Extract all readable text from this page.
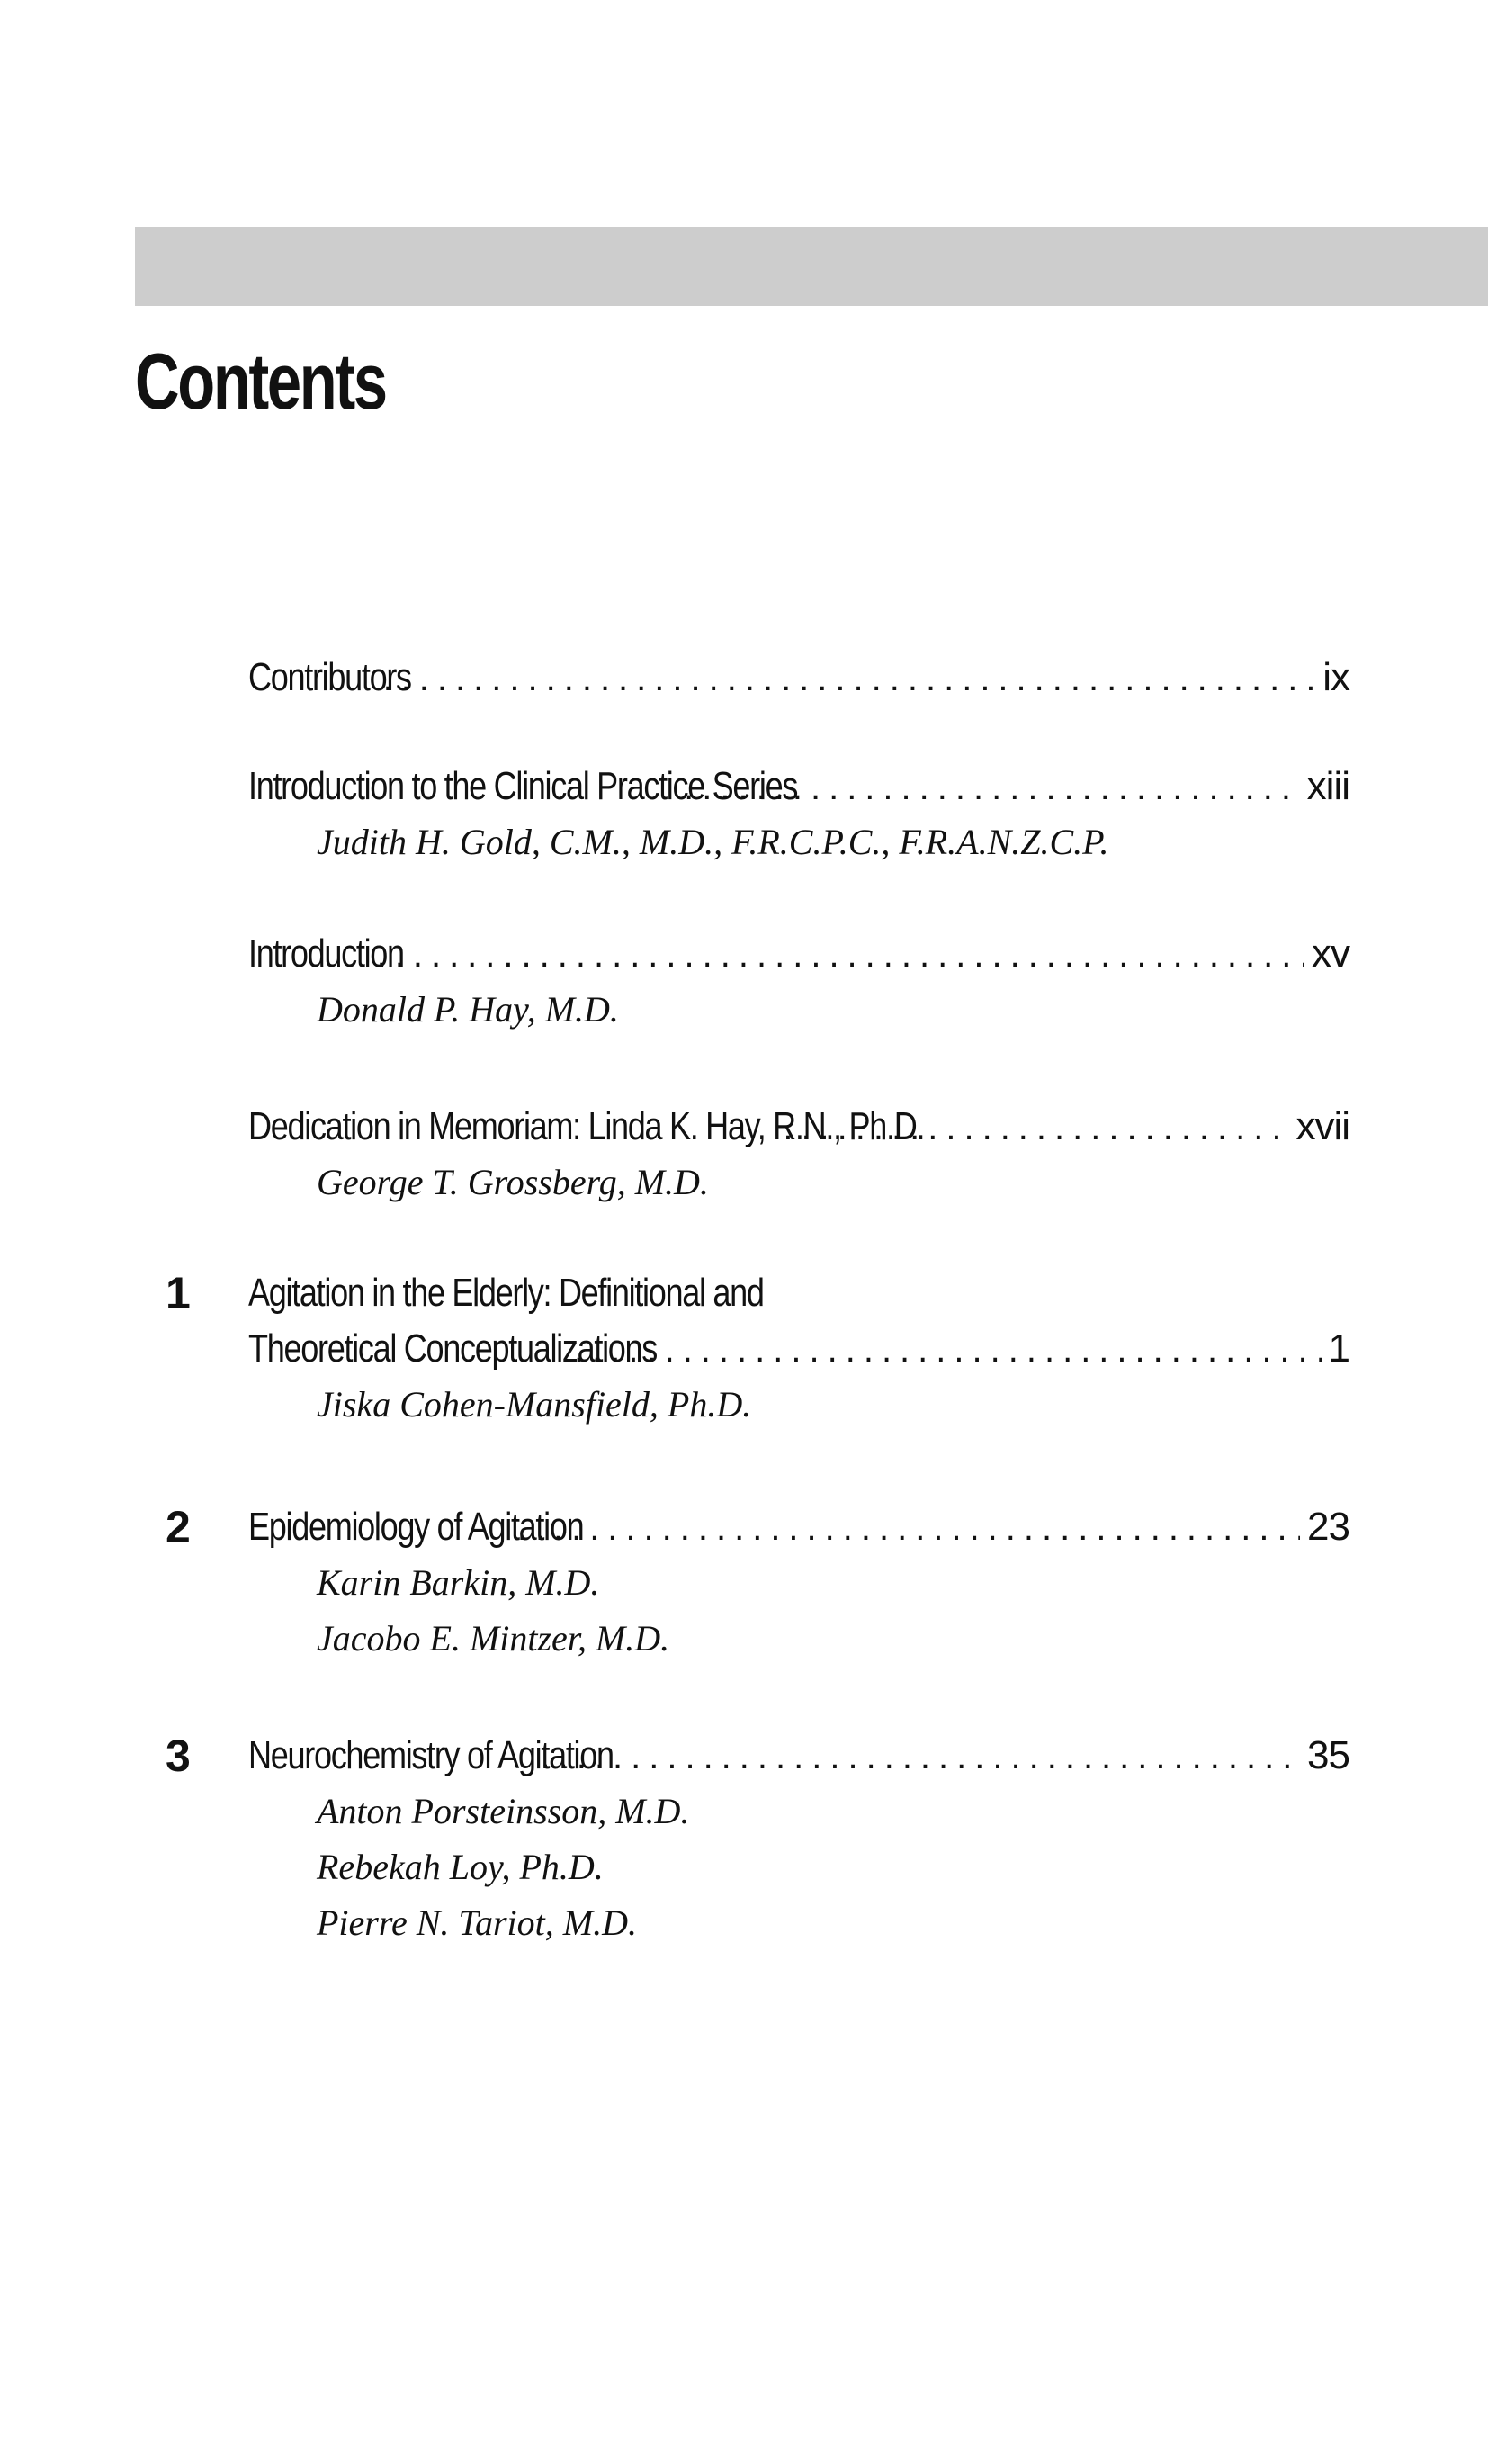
Contents
Contributors .....	ix
Introduction to the Clinical Practice Series .....	xiii
Judith H. Gold, C.M., M.D., F.R.C.P.C., F.R.A.N.Z.C.P.
Introduction .....	xv
Donald P. Hay, M.D.
Dedication in Memoriam: Linda K. Hay, R.N., Ph.D. .....	xvii
George T. Grossberg, M.D.
1	Agitation in the Elderly: Definitional and
Theoretical Conceptualizations .....	1
Jiska Cohen-Mansfield, Ph.D.
2	Epidemiology of Agitation .....	23
Karin Barkin, M.D.
Jacobo E. Mintzer, M.D.
3	Neurochemistry of Agitation .....	35
Anton Porsteinsson, M.D.
Rebekah Loy, Ph.D.
Pierre N. Tariot, M.D.
